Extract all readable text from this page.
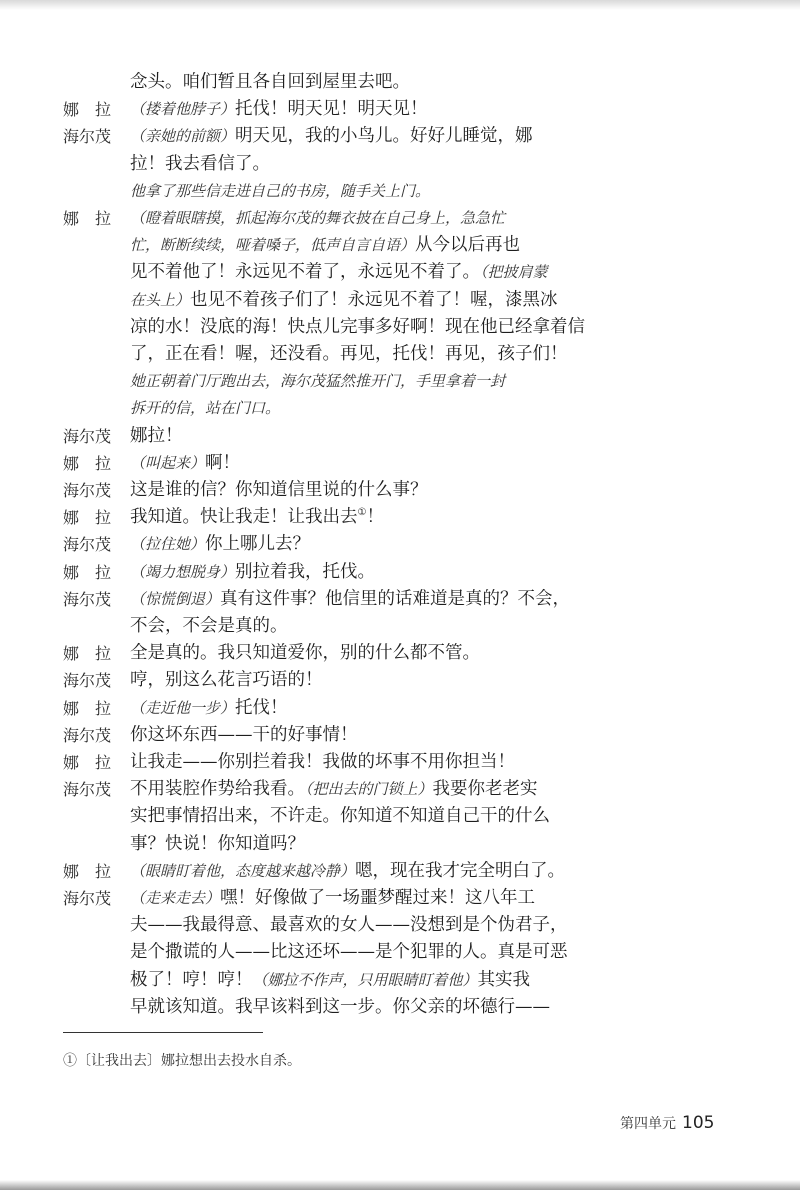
念头。咱们暂且各自回到屋里去吧。
娜　拉 （搂着他脖子）托伐！明天见！明天见！
海尔茂 （亲她的前额）明天见，我的小鸟儿。好好儿睡觉，娜
拉！我去看信了。
他拿了那些信走进自己的书房，随手关上门。
娜　拉 （瞪着眼瞎摸，抓起海尔茂的舞衣披在自己身上，急急忙
忙，断断续续，哑着嗓子，低声自言自语）从今以后再也
见不着他了！永远见不着了，永远见不着了。（把披肩蒙
在头上）也见不着孩子们了！永远见不着了！喔，漆黑冰
凉的水！没底的海！快点儿完事多好啊！现在他已经拿着信
了，正在看！喔，还没看。再见，托伐！再见，孩子们！
她正朝着门厅跑出去，海尔茂猛然推开门，手里拿着一封
拆开的信，站在门口。
海尔茂 娜拉！
娜　拉 （叫起来）啊！
海尔茂 这是谁的信？你知道信里说的什么事？
娜　拉 我知道。快让我走！让我出去①！
海尔茂 （拉住她）你上哪儿去？
娜　拉 （竭力想脱身）别拉着我，托伐。
海尔茂 （惊慌倒退）真有这件事？他信里的话难道是真的？不会，
不会，不会是真的。
娜　拉 全是真的。我只知道爱你，别的什么都不管。
海尔茂 哼，别这么花言巧语的！
娜　拉 （走近他一步）托伐！
海尔茂 你这坏东西——干的好事情！
娜　拉 让我走——你别拦着我！我做的坏事不用你担当！
海尔茂 不用装腔作势给我看。（把出去的门锁上）我要你老老实
实把事情招出来，不许走。你知道不知道自己干的什么
事？快说！你知道吗？
娜　拉 （眼睛盯着他，态度越来越冷静）嗯，现在我才完全明白了。
海尔茂 （走来走去）嘿！好像做了一场噩梦醒过来！这八年工
夫——我最得意、最喜欢的女人——没想到是个伪君子，
是个撒谎的人——比这还坏——是个犯罪的人。真是可恶
极了！哼！哼！（娜拉不作声，只用眼睛盯着他）其实我
早就该知道。我早该料到这一步。你父亲的坏德行——
①〔让我出去〕娜拉想出去投水自杀。
第四单元 105
